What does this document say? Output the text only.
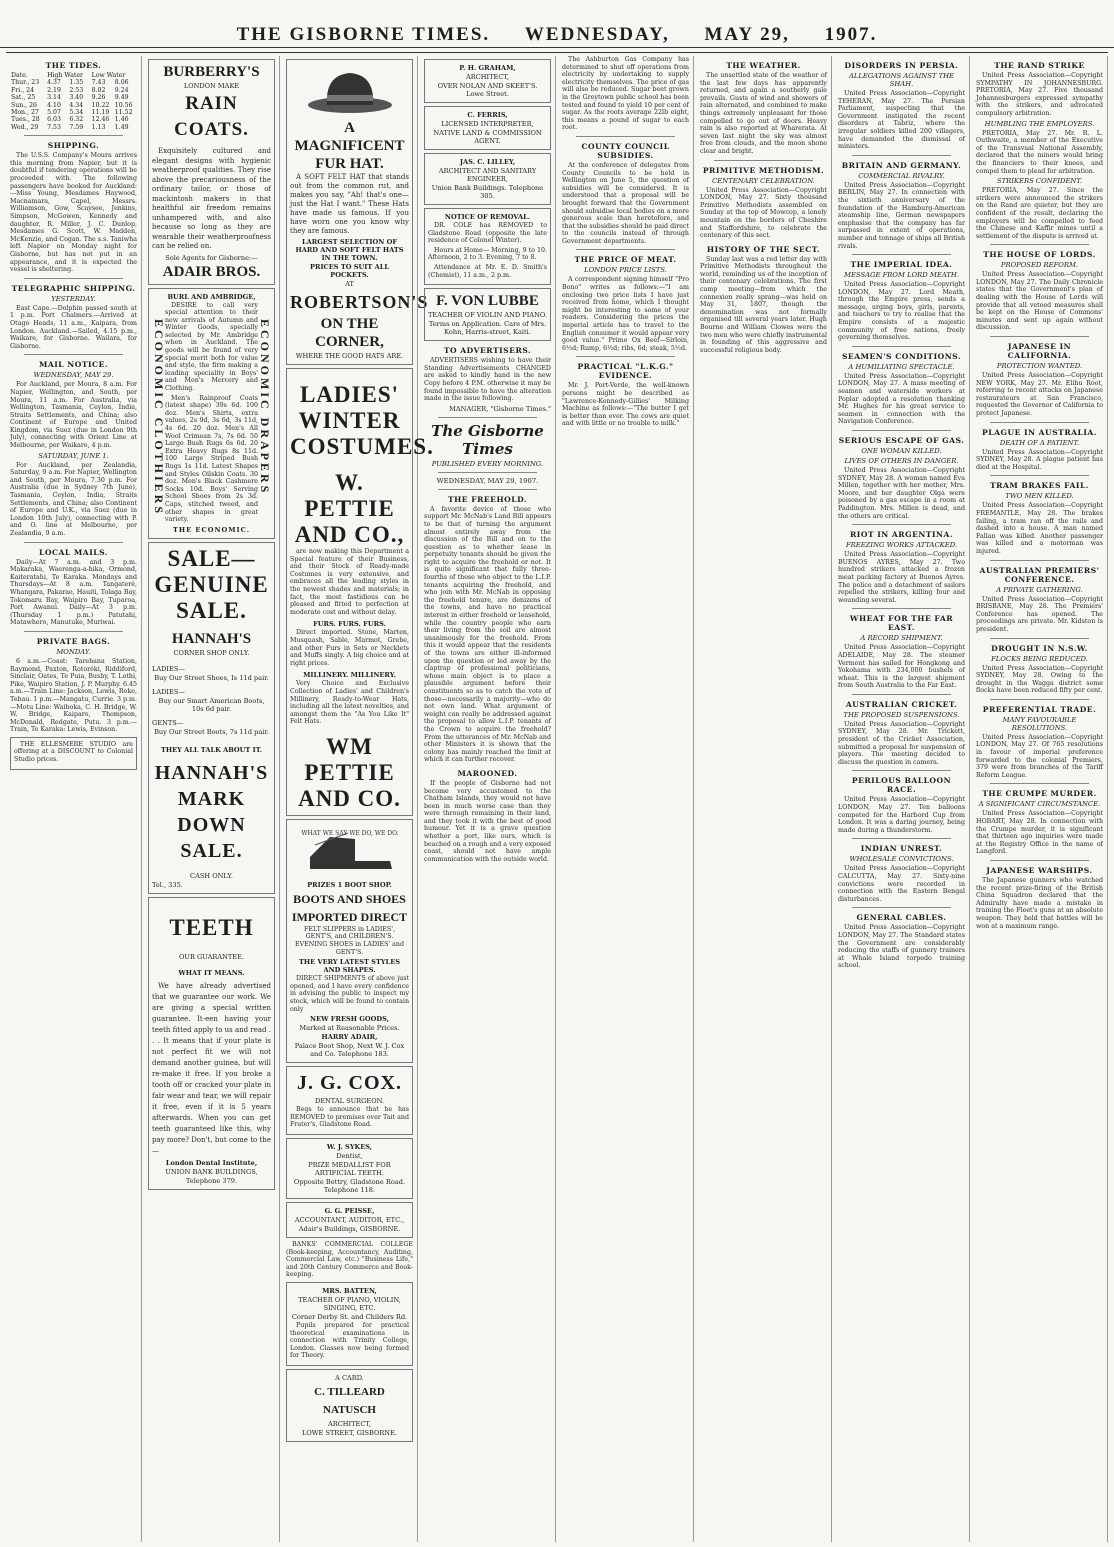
THE GISBORNE TIMES. WEDNESDAY, MAY 29, 1907.
THE TIDES.
Date.	High Water		Low Water	
Thur., 23	4.37	1.35	7.43	8.06
Fri., 24	2.19	2.53	8.02	9.24
Sat., 25	3.14	3.40	9.26	9.49
Sun., 26	4.10	4.34	10.22	10.56
Mon., 27	5.07	5.34	11.19	11.52
Tues., 28	6.03	6.32	12.46	1.46
Wed., 29	7.53	7.59	1.13	1.49
SHIPPING.

The U.S.S. Company's Moura arrives this morning from Napier, but it is doubtful if tendering operations will be proceeded with. The following passengers have booked for Auckland:—Miss Young, Mesdames Haywood, Macnamara, Capel, Messrs. Williamson, Gow, Scaysee, Jenkins, Simpson, McGowen, Kennedy and daughter, R. Miller, J. C. Dunlop, Mesdames G. Scott, W. Madden, McKenzie, and Cogan. The s.s. Taniwha left Napier on Monday night for Gisborne, but has not put in an appearance, and it is expected the vessel is sheltering.

TELEGRAPHIC SHIPPING.
YESTERDAY.

East Cape.—Dolphin passed south at 1 p.m. Port Chalmers.—Arrived at Otago Heads, 11 a.m., Kaipara, from London. Auckland.—Sailed, 4.15 p.m., Waikare, for Gisborne. Wailara, for Gisborne.

MAIL NOTICE.
WEDNESDAY, MAY 29.

For Auckland, per Moura, 8 a.m. For Napier, Wellington, and South, per Moura, 11 a.m. For Australia, via Wellington, Tasmania, Ceylon, India, Straits Settlements, and China; also Continent of Europe and United Kingdom, via Suez (due in London 9th July), connecting with Orient Line at Melbourne, per Waikare, 4 p.m.

SATURDAY, JUNE 1.

For Auckland, per Zealandia, Saturday, 9 a.m. For Napier, Wellington and South, per Moura, 7.30 p.m. For Australia (due in Sydney 7th June), Tasmania, Ceylon, India, Straits Settlements, and China; also Continent of Europe and U.K., via Suez (due in London 10th July), connecting with P. and O. line at Melbourne, per Zealandia, 9 a.m.

LOCAL MAILS.

Daily—At 7 a.m. and 3 p.m. Makaraka, Waerenga-a-hika, Ormond, Kaiteratahi, Te Karaka. Mondays and Thursdays—At 8 a.m. Tangateré, Whangara, Pakarae, Hauiti, Tolaga Bay, Tokomaru Bay, Waipiro Bay, Tuparoa, Port Awanui. Daily—At 3 p.m. (Thursday 1 p.m.) Patutahi, Matawhero, Manutuke, Muriwai.

PRIVATE BAGS.
MONDAY.

6 a.m.—Coast: Tarehana Station, Raymond, Paxton, Rotoréki, Riddiford, Sinclair, Oates, Te Puia, Busby, T. Lothi, Pike, Waipiro Station, J. P. Murphy. 6.45 a.m.—Train Line: Jackson, Lewis, Roke, Tebau. 1 p.m.—Mangatu, Currie. 3 p.m.—Motu Line: Waihoka, C. H. Bridge, W. W. Bridge, Kaiparo, Thompson, McDonald, Redgate, Putu. 3 p.m.—Train, Te Karaka: Lewis, Evinson.

THE ELLESMERE STUDIO are offering at a DISCOUNT to Colonial Studio prices.

BURBERRY'S
LONDON MAKE
RAIN COATS.

Exquisitely cultured and elegant designs with hygienic weatherproof qualities. They rise above the precariousness of the ordinary tailor, or those of mackintosh makers in that healthful air freedom remains unhampered with, and also because so long as they are wearable their weatherproofness can be relied on.

Sole Agents for Gisborne:—
ADAIR BROS.
ECONOMIC CLOTHIERS	ECONOMIC DRAPERS
BURL AND AMBRIDGE,

DESIRE to call very special attention to their new arrivals of Autumn and Winter Goods, specially selected by Mr. Ambridge when in Auckland. The goods will be found of very special merit both for value and style, the firm making a leading speciality in Boys' and Men's Mercery and Clothing.

Men's Rainproof Coats (latest shape) 39s 6d. 100 doz. Men's Shirts, extra values, 2s 9d, 3s 6d, 3s 11d, 4s 6d. 20 doz. Men's All Wool Crimean 7s, 7s 6d. 50 Large Bush Rugs 6s 6d. 20 Extra Heavy Rugs 8s 11d. 100 Large Striped Bush Rugs 1s 11d. Latest Shapes and Styles Oilskin Coats. 30 doz. Men's Black Cashmere Socks 10d. Boys' Serving School Shoes from 2s 3d. Caps, stitched tweed, and other shapes in great variety.

THE ECONOMIC.
SALE—
GENUINE
SALE.
HANNAH'S
CORNER SHOP ONLY.
LADIES—
Buy Our Street Shoes, Is 11d pair.
LADIES—
Buy our Smart American Boots, 10s 6d pair.
GENTS—
Buy Our Street Boots, 7s 11d pair.
THEY ALL TALK ABOUT IT.
HANNAH'S
MARK DOWN
SALE.
CASH ONLY.
Tel., 335.
TEETH
OUR GUARANTEE.
WHAT IT MEANS.

We have already advertised that we guarantee our work. We are giving a special written guarantee. It-een having your teeth fitted apply to us and read . . . It means that if your plate is not perfect fit we will not demand another guinea, but will re-make it free. If you broke a tooth off or cracked your plate in fair wear and tear, we will repair it free, even if it is 5 years afterwards. When you can get teeth guaranteed like this, why pay more? Don't, but come to the—

London Dental Institute,
UNION BANK BUILDINGS,
Telephone 379.
A MAGNIFICENT
FUR HAT.

A SOFT FELT HAT that stands out from the common rut, and makes you say, "Ah! that's one—just the Hat I want." These Hats have made us famous. If you have worn one you know why they are famous.

LARGEST SELECTION OF HARD AND SOFT FELT HATS IN THE TOWN.
PRICES TO SUIT ALL POCKETS.
AT
ROBERTSON'S
ON THE CORNER,
WHERE THE GOOD HATS ARE.
LADIES'
WINTER
COSTUMES.
W. PETTIE
AND CO.,

are now making this Department a Special feature of their Business, and their Stock of Ready-made Costumes is very extensive, and embraces all the leading styles in the newest shades and materials; in fact, the most fastidious can be pleased and fitted to perfection at moderate cost and without delay.

FURS. FURS. FURS.

Direct imported. Stone, Marten, Musquash, Sable, Marmot, Grebe, and other Furs in Sets or Necklets and Muffs singly. A big choice and at right prices.

MILLINERY. MILLINERY.

Very Choice and Exclusive Collection of Ladies' and Children's Millinery, Ready-to-Wear Hats, including all the latest novelties, and amongst them the "As You Like It" Felt Hats.

WM PETTIE
AND CO.
WHAT WE SAY WE DO, WE DO.
PRIZES 1 BOOT SHOP.
BOOTS AND SHOES
IMPORTED DIRECT

FELT SLIPPERS in LADIES', GENT'S, and CHILDREN'S. EVENING SHOES in LADIES' and GENT'S.

THE VERY LATEST STYLES AND SHAPES.

DIRECT SHIPMENTS of above just opened, and I have every confidence in advising the public to inspect my stock, which will be found to contain only

NEW FRESH GOODS,
Marked at Reasonable Prices.
HARRY ADAIR,
Palace Boot Shop, Next W. J. Cox and Co. Telephone 183.
J. G. COX.
DENTAL SURGEON.

Begs to announce that he has REMOVED to premises over Tait and Frater's, Gladstone Road.

W. J. SYKES,
Dentist,
PRIZE MEDALLIST FOR ARTIFICIAL TEETH.
Opposite Bettry, Gladstone Road. Telephone 118.
G. G. PEISSE,
ACCOUNTANT, AUDITOR, ETC.,
Adair's Buildings, GISBORNE.

BANKS' COMMERCIAL COLLEGE (Book-keeping, Accountancy, Auditing, Commercial Law, etc.) "Business Life," and 20th Century Commerce and Book-keeping.

MRS. BATTEN,
TEACHER OF PIANO, VIOLIN, SINGING, ETC.
Corner Derby St. and Childers Rd.

Pupils prepared for practical theoretical examinations in connection with Trinity College, London. Classes now being formed for Theory.

A CARD.
C. TILLEARD NATUSCH
ARCHITECT,
LOWE STREET, GISBORNE.
P. H. GRAHAM,
ARCHITECT,
OVER NOLAN AND SKEET'S. Lowe Street.
C. FERRIS,
LICENSED INTERPRETER,
NATIVE LAND & COMMISSION AGENT.
JAS. C. LILLEY,
ARCHITECT AND SANITARY ENGINEER,
Union Bank Buildings. Telephone 305.
NOTICE OF REMOVAL.

DR. COLE has REMOVED to Gladstone Road (opposite the late residence of Colonel Winter).

Hours at Home— Morning, 9 to 10. Afternoon, 2 to 3. Evening, 7 to 8.

Attendance at Mr. E. D. Smith's (Chemist), 11 a.m., 2 p.m.

F. VON LUBBE
TEACHER OF VIOLIN AND PIANO.
Terms on Application. Care of Mrs. Kohn, Harris-street, Kaiti.
TO ADVERTISERS.

ADVERTISERS wishing to have their Standing Advertisements CHANGED are asked to kindly hand in the new Copy before 4 P.M. otherwise it may be found impossible to have the alteration made in the issue following.

MANAGER, "Gisborne Times."
The Gisborne Times
PUBLISHED EVERY MORNING.
WEDNESDAY, MAY 29, 1907.
THE FREEHOLD.

A favorite device of those who support Mr. McNab's Land Bill appears to be that of turning the argument almost entirely away from the discussion of the Bill and on to the question as to whether lease in perpetuity tenants should be given the right to acquire the freehold or not. It is quite significant that fully three-fourths of those who object to the L.I.P. tenants acquiring the freehold, and who join with Mr. McNab in opposing the freehold tenure, are denizens of the towns, and have no practical interest in either freehold or leasehold, while the country people who earn their living from the soil are almost unanimously for the freehold. From this it would appear that the residents of the towns are either ill-informed upon the question or led away by the claptrap of professional politicians, whose main object is to place a plausible argument before their constituents so as to catch the vote of those—necessarily a majority—who do not own land. What argument of weight can really be addressed against the proposal to allow L.I.P. tenants of the Crown to acquire the freehold? From the utterances of Mr. McNab and other Ministers it is shown that the colony has mainly reached the limit at which it can further recover.

MAROONED.

If the people of Gisborne had not become very accustomed to the Chatham Islands, they would not have been in much worse case than they were through remaining in their land, and they took it with the best of good humour. Yet it is a grave question whether a port, like ours, which is beached on a rough and a very exposed coast, should not have ample communication with the outside world.

The Ashburton Gas Company has determined to shut off operations from electricity by undertaking to supply electricity themselves. The price of gas will also be reduced. Sugar beet grown in the Greytown public school has been tested and found to yield 10 per cent of sugar. As the roots average 22lb eight, this means a pound of sugar to each root.

COUNTY COUNCIL SUBSIDIES.

At the conference of delegates from County Councils to be held in Wellington on June 5, the question of subsidies will be considered. It is understood that a proposal will be brought forward that the Government should subsidise local bodies on a more generous scale than heretofore, and that the subsidies should be paid direct to the councils instead of through Government departments.

THE PRICE OF MEAT.
LONDON PRICE LISTS.

A correspondent signing himself "Pro Bono" writes as follows:—"I am enclosing two price lists I have just received from home, which I thought might be interesting to some of your readers. Considering the prices the imperial article has to travel to the English consumer it would appear very good value." Prime Ox Beef—Sirloin, 6½d; Rump, 6½d; ribs, 6d; steak, 5½d.

PRACTICAL "L.K.G." EVIDENCE.

Mr. J. Port-Verde, the well-known persons might be described as "Lawrence-Kennedy-Gillies' Milking Machine as follows:—"The butter I get is better than ever. The cows are quiet and with little or no trouble to milk."

THE WEATHER.

The unsettled state of the weather of the last few days has apparently returned, and again a southerly gale prevails. Gusts of wind and showers of rain alternated, and combined to make things extremely unpleasant for those compelled to go out of doors. Heavy rain is also reported at Wharerata. At seven last night the sky was almost free from clouds, and the moon shone clear and bright.

PRIMITIVE METHODISM.
CENTENARY CELEBRATION.

United Press Association—Copyright LONDON, May 27. Sixty thousand Primitive Methodists assembled on Sunday at the top of Mowcop, a lonely mountain on the borders of Cheshire and Staffordshire, to celebrate the centenary of this sect.

HISTORY OF THE SECT.

Sunday last was a red letter day with Primitive Methodists throughout the world, reminding us of the inception of their centenary celebrations. The first camp meeting—from which the connexion really sprang—was held on May 31, 1807, though the denomination was not formally organised till several years later. Hugh Bourne and William Clowes were the two men who were chiefly instrumental in founding of this aggressive and successful religious body.

DISORDERS IN PERSIA.
ALLEGATIONS AGAINST THE SHAH.

United Press Association—Copyright TEHERAN, May 27. The Persian Parliament, suspecting that the Government instigated the recent disorders at Tabriz, where the irregular soldiers killed 200 villagers, have demanded the dismissal of ministers.

BRITAIN AND GERMANY.
COMMERCIAL RIVALRY.

United Press Association—Copyright BERLIN, May 27. In connection with the sixtieth anniversary of the foundation of the Hamburg-American steamship line, German newspapers emphasise that the company has far surpassed in extent of operations, number and tonnage of ships all British rivals.

THE IMPERIAL IDEA.
MESSAGE FROM LORD MEATH.

United Press Association—Copyright LONDON, May 27. Lord Meath, through the Empire press, sends a message, urging boys, girls, parents, and teachers to try to realise that the Empire consists of a majestic community of free nations, freely governing themselves.

SEAMEN'S CONDITIONS.
A HUMILIATING SPECTACLE.

United Press Association—Copyright LONDON, May 27. A mass meeting of seamen and waterside workers at Poplar adopted a resolution thanking Mr. Hughes for his great service to seamen in connection with the Navigation Conference.

SERIOUS ESCAPE OF GAS.
ONE WOMAN KILLED.
LIVES OF OTHERS IN DANGER.

United Press Association—Copyright SYDNEY, May 28. A woman named Eva Millen, together with her mother, Mrs. Moore, and her daughter Olga were poisoned by a gas escape in a room at Paddington. Mrs. Millen is dead, and the others are critical.

RIOT IN ARGENTINA.
FREEZING WORKS ATTACKED.

United Press Association—Copyright BUENOS AYRES, May 27. Two hundred strikers attacked a frozen meat packing factory at Buenos Ayres. The police and a detachment of sailors repelled the strikers, killing four and wounding several.

WHEAT FOR THE FAR EAST.
A RECORD SHIPMENT.

United Press Association—Copyright ADELAIDE, May 28. The steamer Vermont has sailed for Hongkong and Yokohama with 234,000 bushels of wheat. This is the largest shipment from South Australia to the Far East.

AUSTRALIAN CRICKET.
THE PROPOSED SUSPENSIONS.

United Press Association—Copyright SYDNEY, May 28. Mr. Trickett, president of the Cricket Association, submitted a proposal for suspension of players. The meeting decided to discuss the question in camera.

PERILOUS BALLOON RACE.

United Press Association—Copyright LONDON, May 27. Ten balloons competed for the Harbord Cup from London. It was a daring journey, being made during a thunderstorm.

INDIAN UNREST.
WHOLESALE CONVICTIONS.

United Press Association—Copyright CALCUTTA, May 27. Sixty-nine convictions were recorded in connection with the Eastern Bengal disturbances.

GENERAL CABLES.

United Press Association—Copyright LONDON, May 27. The Standard states the Government are considerably reducing the staffs of gunnery trainers at Whale Island torpedo training school.

THE RAND STRIKE

United Press Association—Copyright SYMPATHY IN JOHANNESBURG. PRETORIA, May 27. Five thousand Johannesburgers expressed sympathy with the strikers, and advocated compulsory arbitration.

HUMBLING THE EMPLOYERS.

PRETORIA, May 27. Mr. R. L. Outhwaite, a member of the Executive of the Transvaal National Assembly, declared that the miners would bring the financiers to their knees, and compel them to plead for arbitration.

STRIKERS CONFIDENT.

PRETORIA, May 27. Since the strikers were announced the strikers on the Rand are quieter, but they are confident of the result, declaring the employers will be compelled to feed the Chinese and Kaffir mines until a settlement of the dispute is arrived at.

THE HOUSE OF LORDS.
PROPOSED REFORM.

United Press Association—Copyright LONDON, May 27. The Daily Chronicle states that the Government's plan of dealing with the House of Lords will provide that all vetoed measures shall be kept on the House of Commons' minutes and sent up again without discussion.

JAPANESE IN CALIFORNIA.
PROTECTION WANTED.

United Press Association—Copyright NEW YORK, May 27. Mr. Elihu Root, referring to recent attacks on Japanese restaurateurs at San Francisco, requested the Governor of California to protect Japanese.

PLAGUE IN AUSTRALIA.
DEATH OF A PATIENT.

United Press Association—Copyright SYDNEY, May 28. A plague patient has died at the Hospital.

TRAM BRAKES FAIL.
TWO MEN KILLED.

United Press Association—Copyright FREMANTLE, May 28. The brakes failing, a tram ran off the rails and dashed into a house. A man named Fallan was killed. Another passenger was killed and a motorman was injured.

AUSTRALIAN PREMIERS' CONFERENCE.
A PRIVATE GATHERING.

United Press Association—Copyright BRISBANE, May 28. The Premiers' Conference has opened. The proceedings are private. Mr. Kidston is president.

DROUGHT IN N.S.W.
FLOCKS BEING REDUCED.

United Press Association—Copyright SYDNEY, May 28. Owing to the drought in the Wagga district some flocks have been reduced fifty per cent.

PREFERENTIAL TRADE.
MANY FAVOURABLE RESOLUTIONS.

United Press Association—Copyright LONDON, May 27. Of 765 resolutions in favour of imperial preference forwarded to the colonial Premiers, 379 were from branches of the Tariff Reform League.

THE CRUMPE MURDER.
A SIGNIFICANT CIRCUMSTANCE.

United Press Association—Copyright HOBART, May 28. In connection with the Crumpe murder, it is significant that thirteen ago inquiries were made at the Registry Office in the name of Langford.

JAPANESE WARSHIPS.

The Japanese gunners who watched the recent prize-firing of the British China Squadron declared that the Admiralty have made a mistake in training the Fleet's guns at an absolute weapon. They held that battles will be won at a maximum range.
